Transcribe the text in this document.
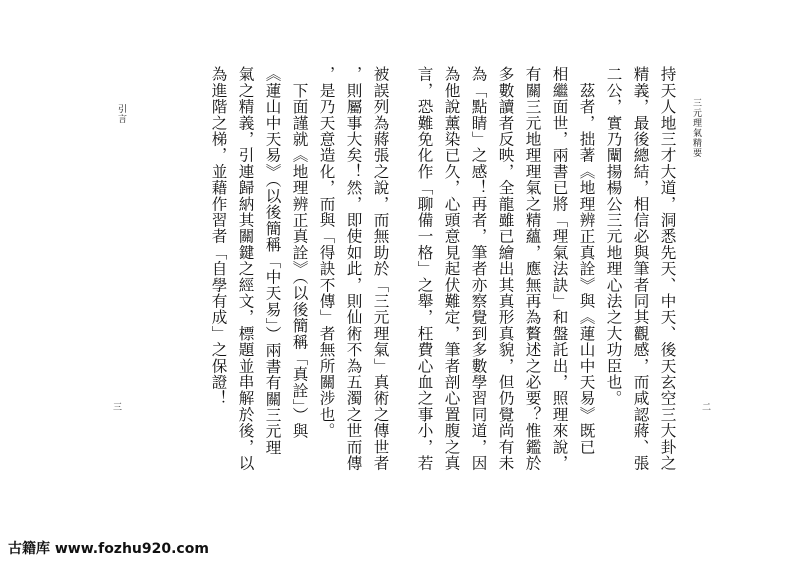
三元理氣精要
引言
二
三	持天人地三才大道，洞悉先天、中天、後天玄空三大卦之
精義，最後總結，相信必與筆者同其觀感，而咸認蔣、張
二公，實乃闡揚楊公三元地理心法之大功臣也。
　茲者，拙著《地理辨正真詮》與《蓮山中天易》既已
相繼面世，兩書已將「理氣法訣」和盤託出，照理來說，
有關三元地理理氣之精蘊，應無再為贅述之必要？惟鑑於
多數讀者反映，全龍雖已繪出其真形真貌，但仍覺尚有未
為「點睛」之感！再者，筆者亦察覺到多數學習同道，因
為他說薰染已久，心頭意見起伏難定，筆者剖心置腹之真
言，恐難免化作「聊備一格」之舉，枉費心血之事小，若
被誤列為蔣張之說，而無助於「三元理氣」真術之傳世者
，則屬事大矣！然，即使如此，則仙術不為五濁之世而傳
，是乃天意造化，而與「得訣不傳」者無所關涉也。
　下面謹就《地理辨正真詮》（以後簡稱「真詮」）與
《蓮山中天易》（以後簡稱「中天易」）兩書有關三元理
氣之精義，引連歸納其關鍵之經文，標題並串解於後，以
為進階之梯，並藉作習者「自學有成」之保證！
古籍库 www.fozhu920.com
